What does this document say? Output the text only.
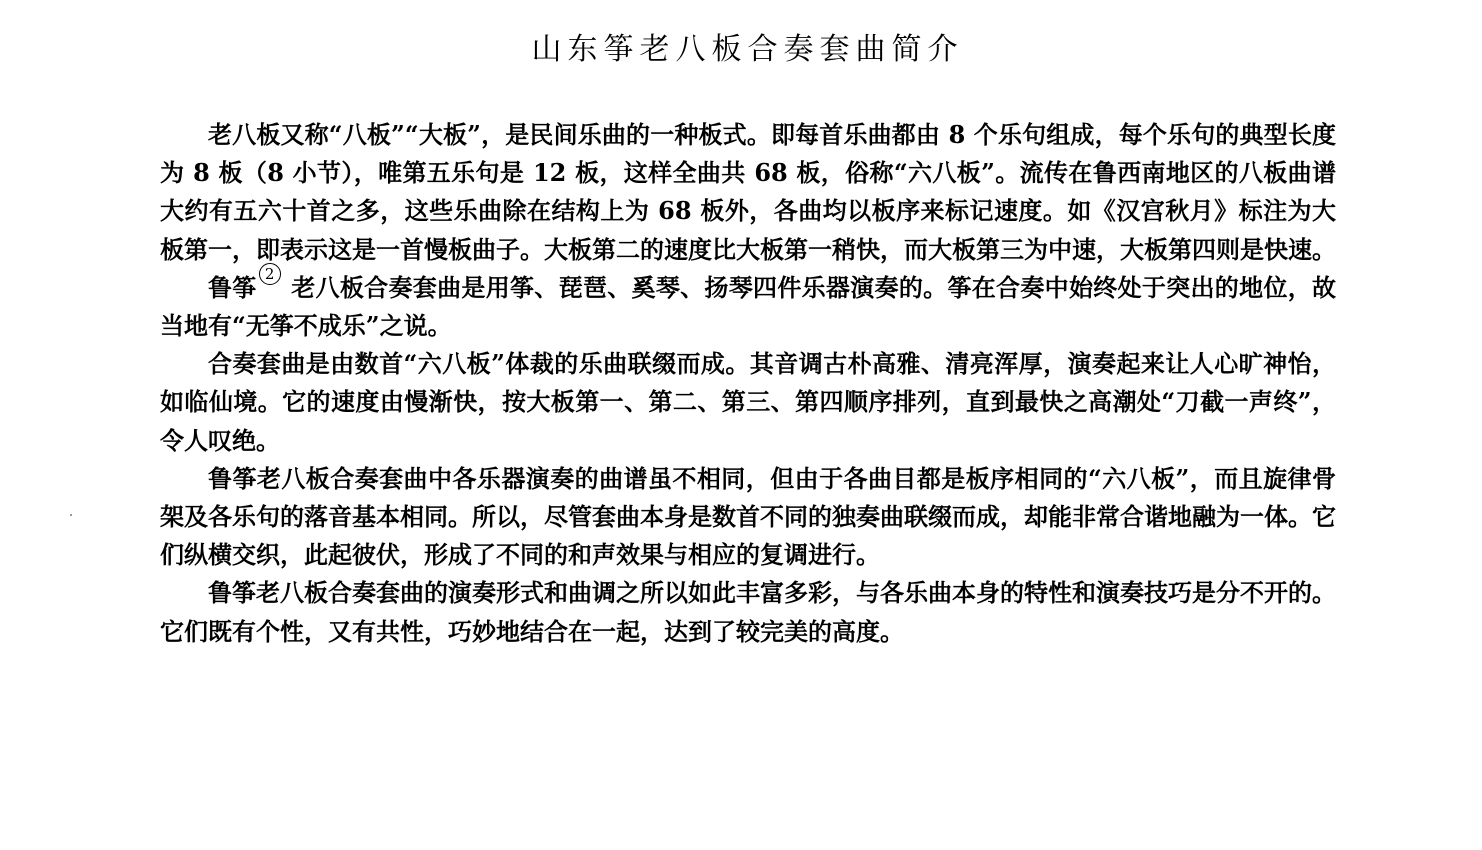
山东筝老八板合奏套曲简介

老八板又称“八板”“大板”，是民间乐曲的一种板式。即每首乐曲都由 8 个乐句组成，每个乐句的典型长度为 8 板（8 小节），唯第五乐句是 12 板，这样全曲共 68 板，俗称“六八板”。流传在鲁西南地区的八板曲谱大约有五六十首之多，这些乐曲除在结构上为 68 板外，各曲均以板序来标记速度。如《汉宫秋月》标注为大板第一，即表示这是一首慢板曲子。大板第二的速度比大板第一稍快，而大板第三为中速，大板第四则是快速。

鲁筝 2 老八板合奏套曲是用筝、琵琶、奚琴、扬琴四件乐器演奏的。筝在合奏中始终处于突出的地位，故当地有“无筝不成乐”之说。

合奏套曲是由数首“六八板”体裁的乐曲联缀而成。其音调古朴高雅、清亮浑厚，演奏起来让人心旷神怡，如临仙境。它的速度由慢渐快，按大板第一、第二、第三、第四顺序排列，直到最快之高潮处“刀截一声终”，令人叹绝。

鲁筝老八板合奏套曲中各乐器演奏的曲谱虽不相同，但由于各曲目都是板序相同的“六八板”，而且旋律骨架及各乐句的落音基本相同。所以，尽管套曲本身是数首不同的独奏曲联缀而成，却能非常合谐地融为一体。它们纵横交织，此起彼伏，形成了不同的和声效果与相应的复调进行。

鲁筝老八板合奏套曲的演奏形式和曲调之所以如此丰富多彩，与各乐曲本身的特性和演奏技巧是分不开的。它们既有个性，又有共性，巧妙地结合在一起，达到了较完美的高度。
